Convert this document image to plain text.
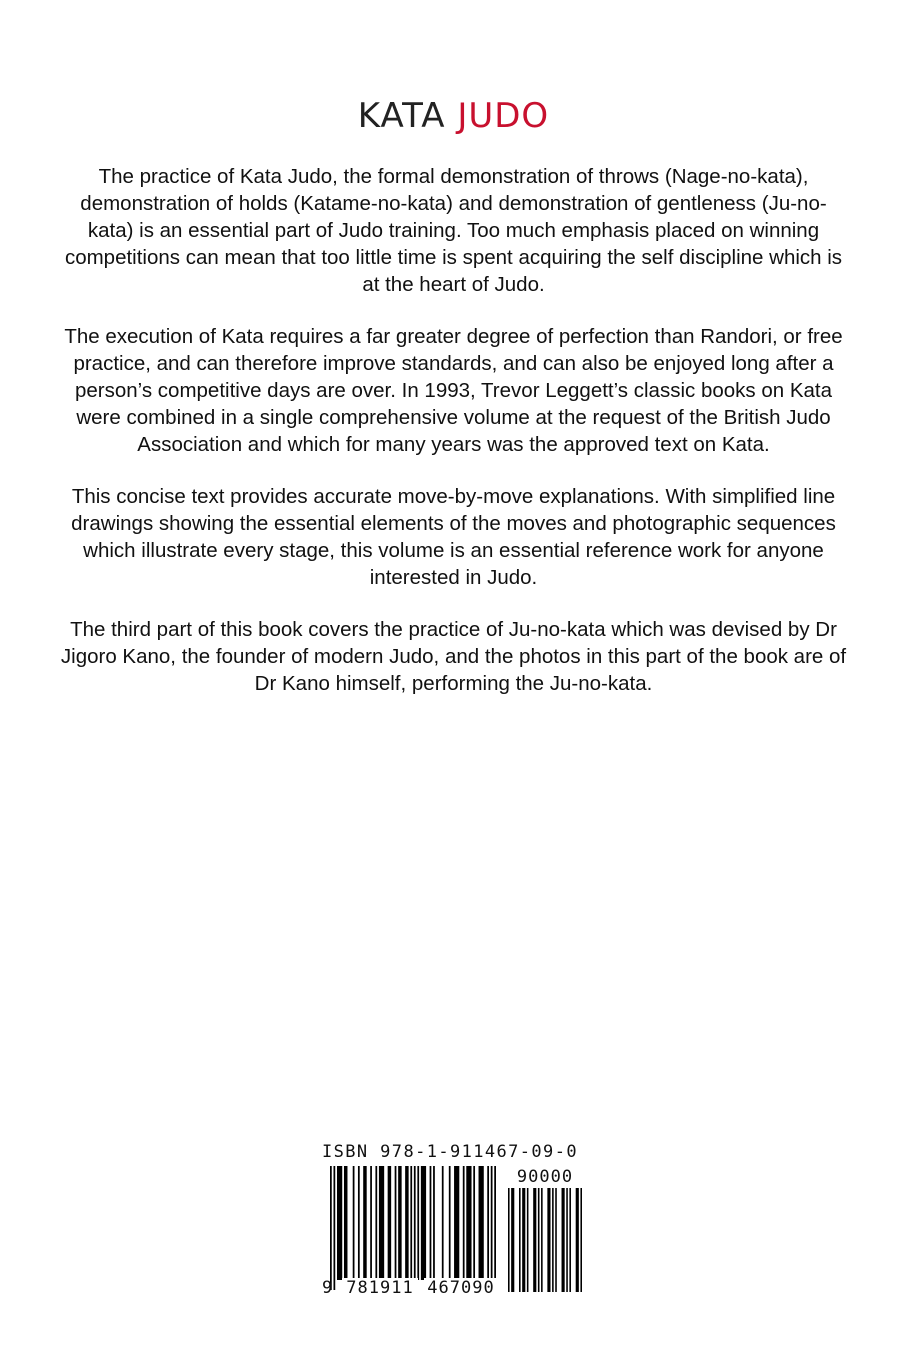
KATA JUDO

The practice of Kata Judo, the formal demonstration of throws (Nage-no-kata), demonstration of holds (Katame-no-kata) and demonstration of gentleness (Ju-no-kata) is an essential part of Judo training. Too much emphasis placed on winning competitions can mean that too little time is spent acquiring the self discipline which is at the heart of Judo.

The execution of Kata requires a far greater degree of perfection than Randori, or free practice, and can therefore improve standards, and can also be enjoyed long after a person’s competitive days are over. In 1993, Trevor Leggett’s classic books on Kata were combined in a single comprehensive volume at the request of the British Judo Association and which for many years was the approved text on Kata.

This concise text provides accurate move-by-move explanations. With simplified line drawings showing the essential elements of the moves and photographic sequences which illustrate every stage, this volume is an essential reference work for anyone interested in Judo.

The third part of this book covers the practice of Ju-no-kata which was devised by Dr Jigoro Kano, the founder of modern Judo, and the photos in this part of the book are of Dr Kano himself, performing the Ju-no-kata.

ISBN 978-1-911467-09-0
90000
9 781911 467090
